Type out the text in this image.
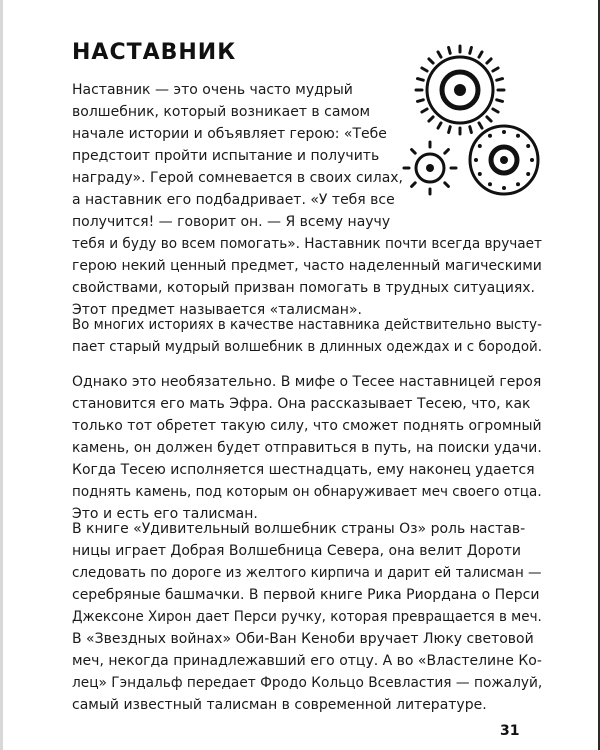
НАСТАВНИК
Наставник — это очень часто мудрый
волшебник, который возникает в самом
начале истории и объявляет герою: «Тебе
предстоит пройти испытание и получить
награду». Герой сомневается в своих силах,
а наставник его подбадривает. «У тебя все
получится! — говорит он. — Я всему научу
тебя и буду во всем помогать». Наставник почти всегда вручает
герою некий ценный предмет, часто наделенный магическими
свойствами, который призван помогать в трудных ситуациях.
Этот предмет называется «талисман».
Во многих историях в качестве наставника действительно высту-
пает старый мудрый волшебник в длинных одеждах и с бородой.
Однако это необязательно. В мифе о Тесее наставницей героя
становится его мать Эфра. Она рассказывает Тесею, что, как
только тот обретет такую силу, что сможет поднять огромный
камень, он должен будет отправиться в путь, на поиски удачи.
Когда Тесею исполняется шестнадцать, ему наконец удается
поднять камень, под которым он обнаруживает меч своего отца.
Это и есть его талисман.
В книге «Удивительный волшебник страны Оз» роль настав-
ницы играет Добрая Волшебница Севера, она велит Дороти
следовать по дороге из желтого кирпича и дарит ей талисман —
серебряные башмачки. В первой книге Рика Риордана о Перси
Джексоне Хирон дает Перси ручку, которая превращается в меч.
В «Звездных войнах» Оби-Ван Кеноби вручает Люку световой
меч, некогда принадлежавший его отцу. А во «Властелине Ко-
лец» Гэндальф передает Фродо Кольцо Всевластия — пожалуй,
самый известный талисман в современной литературе.
31
